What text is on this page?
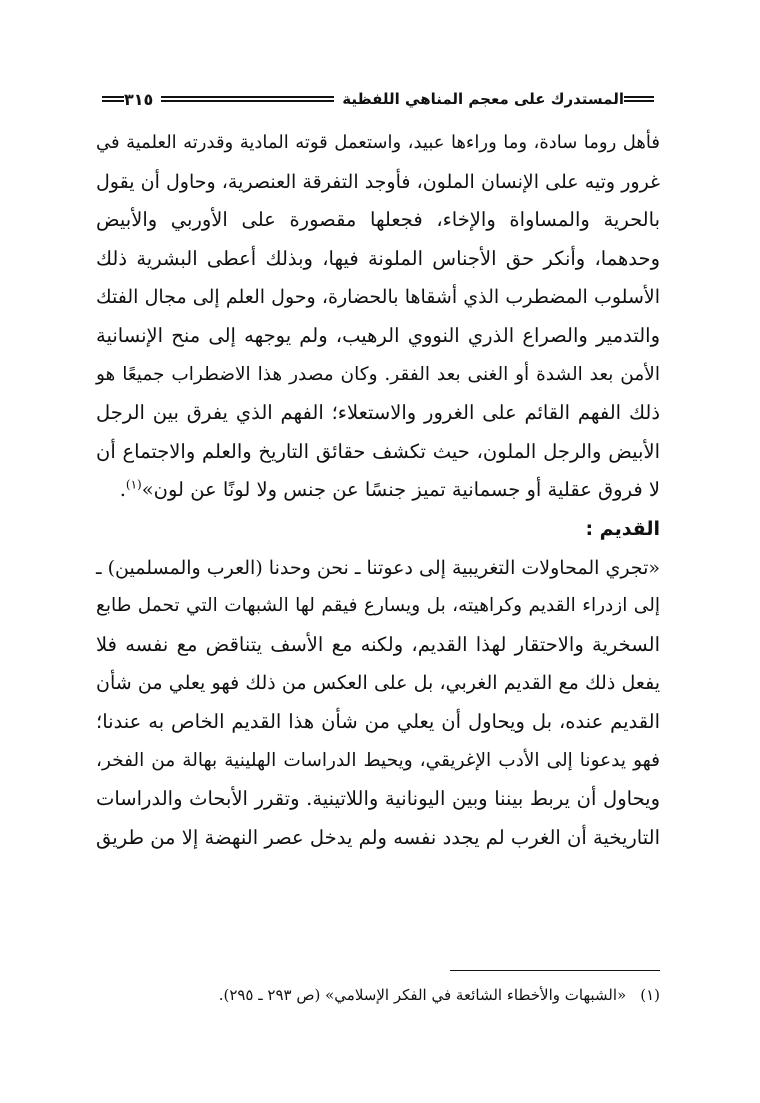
المستدرك على معجم المناهي اللفظية
٣١٥
فأهل روما سادة، وما وراءها عبيد، واستعمل قوته المادية وقدرته العلمية في
غرور وتيه على الإنسان الملون، فأوجد التفرقة العنصرية، وحاول أن يقول
بالحرية والمساواة والإخاء، فجعلها مقصورة على الأوربي والأبيض
وحدهما، وأنكر حق الأجناس الملونة فيها، وبذلك أعطى البشرية ذلك
الأسلوب المضطرب الذي أشقاها بالحضارة، وحول العلم إلى مجال الفتك
والتدمير والصراع الذري النووي الرهيب، ولم يوجهه إلى منح الإنسانية
الأمن بعد الشدة أو الغنى بعد الفقر. وكان مصدر هذا الاضطراب جميعًا هو
ذلك الفهم القائم على الغرور والاستعلاء؛ الفهم الذي يفرق بين الرجل
الأبيض والرجل الملون، حيث تكشف حقائق التاريخ والعلم والاجتماع أن
لا فروق عقلية أو جسمانية تميز جنسًا عن جنس ولا لونًا عن لون»$^{(١)}$.
القديم :
«تجري المحاولات التغريبية إلى دعوتنا ـ نحن وحدنا (العرب والمسلمين) ـ
إلى ازدراء القديم وكراهيته، بل ويسارع فيقم لها الشبهات التي تحمل طابع
السخرية والاحتقار لهذا القديم، ولكنه مع الأسف يتناقض مع نفسه فلا
يفعل ذلك مع القديم الغربي، بل على العكس من ذلك فهو يعلي من شأن
القديم عنده، بل ويحاول أن يعلي من شأن هذا القديم الخاص به عندنا؛
فهو يدعونا إلى الأدب الإغريقي، ويحيط الدراسات الهلينية بهالة من الفخر،
ويحاول أن يربط بيننا وبين اليونانية واللاتينية. وتقرر الأبحاث والدراسات
التاريخية أن الغرب لم يجدد نفسه ولم يدخل عصر النهضة إلا من طريق
(١)«الشبهات والأخطاء الشائعة في الفكر الإسلامي» (ص ٢٩٣ ـ ٢٩٥).
